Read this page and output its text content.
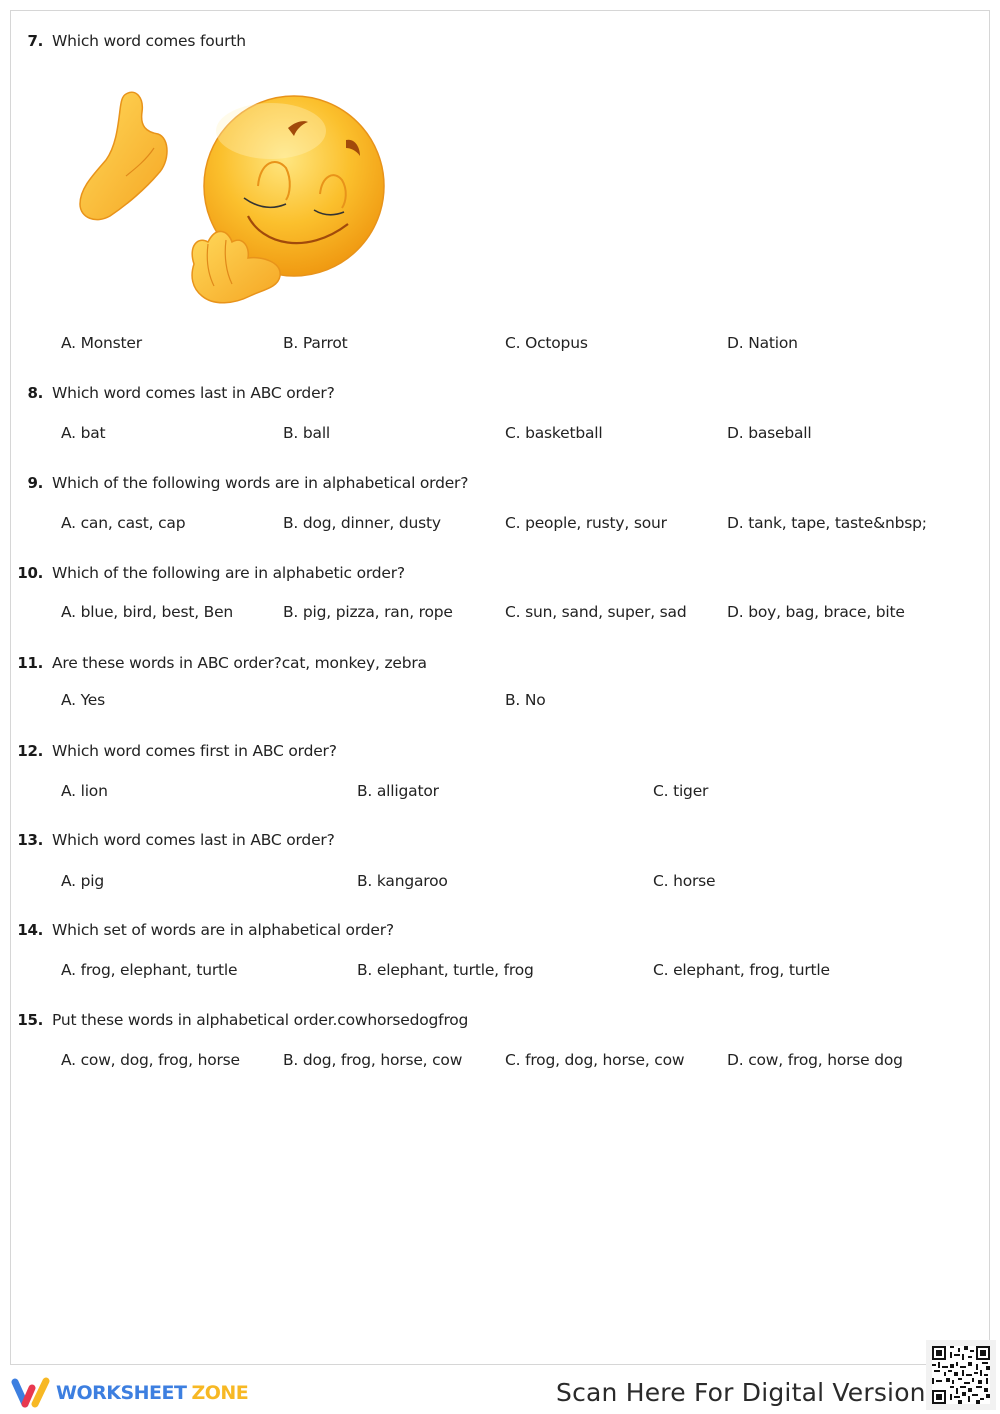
7. Which word comes fourth
A. Monster	B. Parrot	C. Octopus	D. Nation
8. Which word comes last in ABC order?
A. bat	B. ball	C. basketball	D. baseball
9. Which of the following words are in alphabetical order?
A. can, cast, cap	B. dog, dinner, dusty	C. people, rusty, sour	D. tank, tape, taste&nbsp;
10. Which of the following are in alphabetic order?
A. blue, bird, best, Ben	B. pig, pizza, ran, rope	C. sun, sand, super, sad	D. boy, bag, brace, bite
11. Are these words in ABC order?cat, monkey, zebra
A. Yes	B. No
12. Which word comes first in ABC order?
A. lion	B. alligator	C. tiger
13. Which word comes last in ABC order?
A. pig	B. kangaroo	C. horse
14. Which set of words are in alphabetical order?
A. frog, elephant, turtle	B. elephant, turtle, frog	C. elephant, frog, turtle
15. Put these words in alphabetical order.cowhorsedogfrog
A. cow, dog, frog, horse	B. dog, frog, horse, cow	C. frog, dog, horse, cow	D. cow, frog, horse dog
WORKSHEET ZONE	Scan Here For Digital Version
